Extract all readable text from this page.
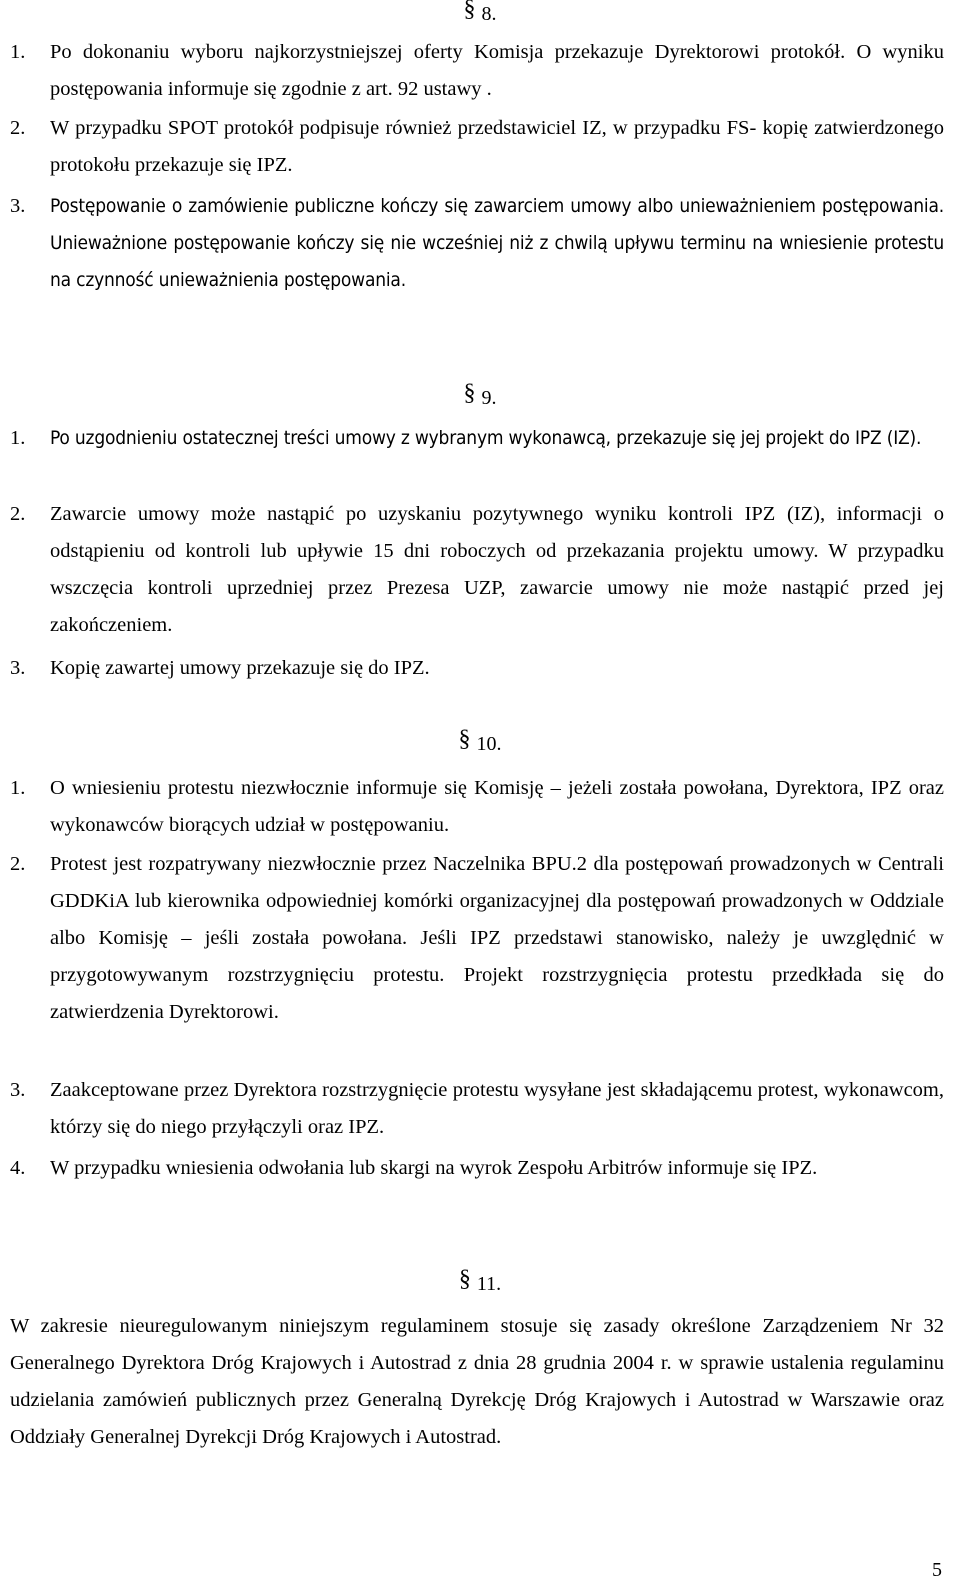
§ 8.
1. Po dokonaniu wyboru najkorzystniejszej oferty Komisja przekazuje Dyrektorowi protokół. O wyniku postępowania informuje się zgodnie z art. 92 ustawy .
2. W przypadku SPOT protokół podpisuje również przedstawiciel IZ, w przypadku FS- kopię zatwierdzonego protokołu przekazuje się IPZ.
3. Postępowanie o zamówienie publiczne kończy się zawarciem umowy albo unieważnieniem postępowania. Unieważnione postępowanie kończy się nie wcześniej niż z chwilą upływu terminu na wniesienie protestu na czynność unieważnienia postępowania.
§ 9.
1. Po uzgodnieniu ostatecznej treści umowy z wybranym wykonawcą, przekazuje się jej projekt do IPZ (IZ).
2. Zawarcie umowy może nastąpić po uzyskaniu pozytywnego wyniku kontroli IPZ (IZ), informacji o odstąpieniu od kontroli lub upływie 15 dni roboczych od przekazania projektu umowy. W przypadku wszczęcia kontroli uprzedniej przez Prezesa UZP, zawarcie umowy nie może nastąpić przed jej zakończeniem.
3. Kopię zawartej umowy przekazuje się do IPZ.
§ 10.
1. O wniesieniu protestu niezwłocznie informuje się Komisję – jeżeli została powołana, Dyrektora, IPZ oraz wykonawców biorących udział w postępowaniu.
2. Protest jest rozpatrywany niezwłocznie przez Naczelnika BPU.2 dla postępowań prowadzonych w Centrali GDDKiA lub kierownika odpowiedniej komórki organizacyjnej dla postępowań prowadzonych w Oddziale albo Komisję – jeśli została powołana. Jeśli IPZ przedstawi stanowisko, należy je uwzględnić w przygotowywanym rozstrzygnięciu protestu. Projekt rozstrzygnięcia protestu przedkłada się do zatwierdzenia Dyrektorowi.
3. Zaakceptowane przez Dyrektora rozstrzygnięcie protestu wysyłane jest składającemu protest, wykonawcom, którzy się do niego przyłączyli oraz IPZ.
4. W przypadku wniesienia odwołania lub skargi na wyrok Zespołu Arbitrów informuje się IPZ.
§ 11.
W zakresie nieuregulowanym niniejszym regulaminem stosuje się zasady określone Zarządzeniem Nr 32 Generalnego Dyrektora Dróg Krajowych i Autostrad z dnia 28 grudnia 2004 r. w sprawie ustalenia regulaminu udzielania zamówień publicznych przez Generalną Dyrekcję Dróg Krajowych i Autostrad w Warszawie oraz Oddziały Generalnej Dyrekcji Dróg Krajowych i Autostrad.
5
